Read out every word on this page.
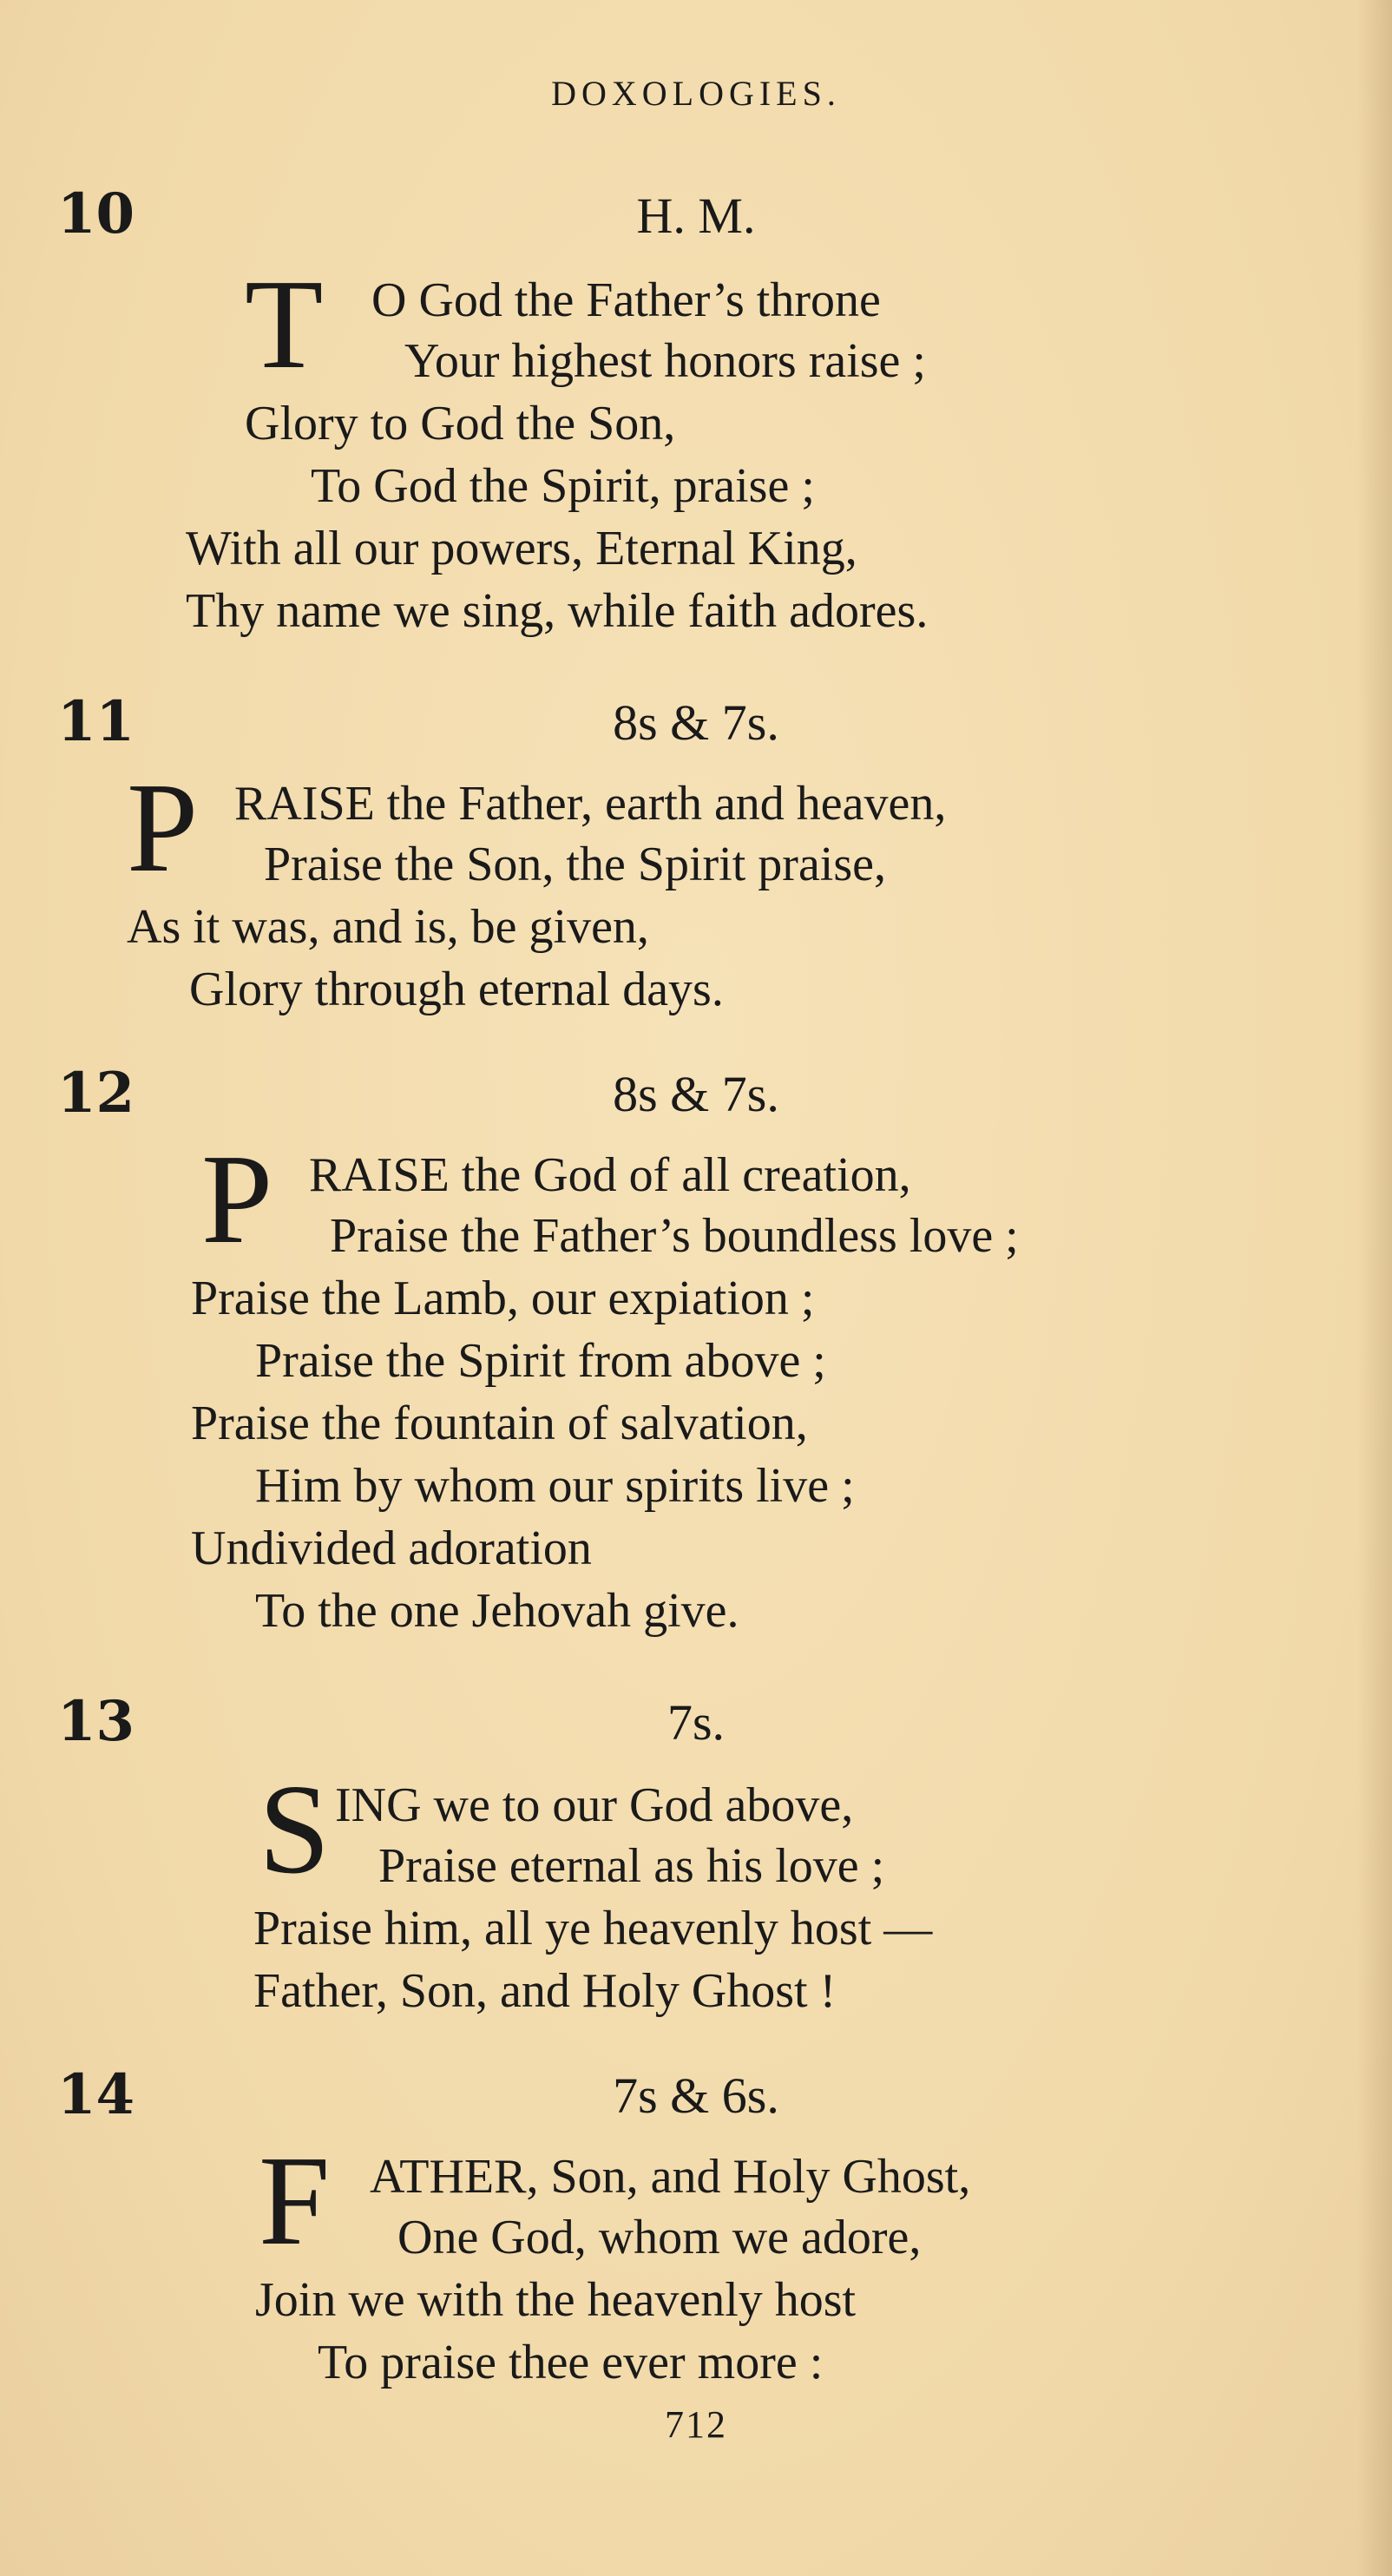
DOXOLOGIES.
10	H. M.
T O God the Father’s throne
Your highest honors raise ;
Glory to God the Son,
To God the Spirit, praise ;
With all our powers, Eternal King,
Thy name we sing, while faith adores.
11	8s & 7s.
P RAISE the Father, earth and heaven,
Praise the Son, the Spirit praise,
As it was, and is, be given,
Glory through eternal days.
12	8s & 7s.
P RAISE the God of all creation,
Praise the Father’s boundless love ;
Praise the Lamb, our expiation ;
Praise the Spirit from above ;
Praise the fountain of salvation,
Him by whom our spirits live ;
Undivided adoration
To the one Jehovah give.
13	7s.
S ING we to our God above,
Praise eternal as his love ;
Praise him, all ye heavenly host —
Father, Son, and Holy Ghost !
14	7s & 6s.
F ATHER, Son, and Holy Ghost,
One God, whom we adore,
Join we with the heavenly host
To praise thee ever more :
712
